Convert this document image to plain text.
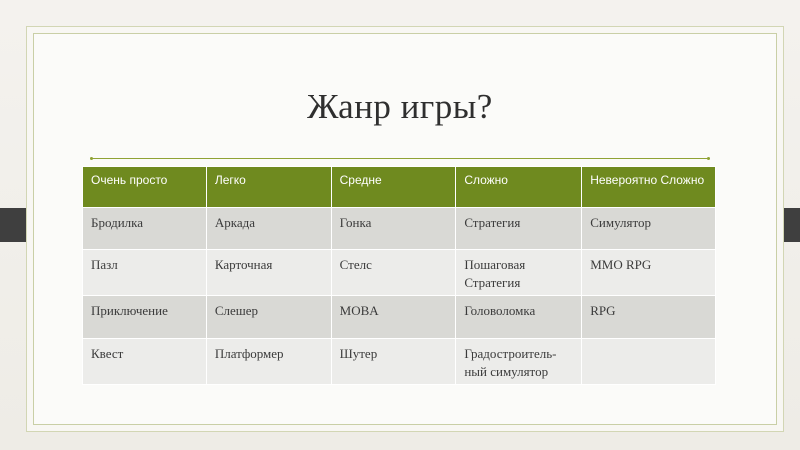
Жанр игры?
Очень просто	Легко	Средне	Сложно	Невероятно Сложно
Бродилка	Аркада	Гонка	Стратегия	Симулятор
Пазл	Карточная	Стелс	Пошаговая Стратегия	MMO RPG
Приключение	Слешер	MOBA	Головоломка	RPG
Квест	Платформер	Шутер	Градостроитель-ный симулятор	
